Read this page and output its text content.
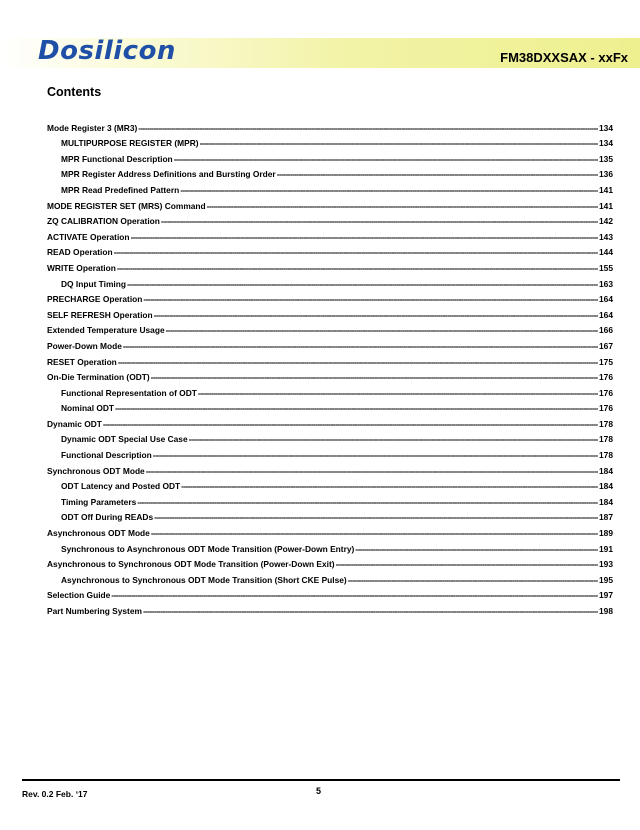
Dosilicon	FM38DXXSAX - xxFx
Contents
Mode Register 3 (MR3) -----	134
MULTIPURPOSE REGISTER (MPR) -----	134
MPR Functional Description -----	135
MPR Register Address Definitions and Bursting Order -----	136
MPR Read Predefined Pattern -----	141
MODE REGISTER SET (MRS) Command -----	141
ZQ CALIBRATION Operation -----	142
ACTIVATE Operation -----	143
READ Operation -----	144
WRITE Operation -----	155
DQ Input Timing -----	163
PRECHARGE Operation -----	164
SELF REFRESH Operation -----	164
Extended Temperature Usage -----	166
Power-Down Mode -----	167
RESET Operation -----	175
On-Die Termination (ODT) -----	176
Functional Representation of ODT -----	176
Nominal ODT -----	176
Dynamic ODT -----	178
Dynamic ODT Special Use Case -----	178
Functional Description -----	178
Synchronous ODT Mode -----	184
ODT Latency and Posted ODT -----	184
Timing Parameters -----	184
ODT Off During READs -----	187
Asynchronous ODT Mode -----	189
Synchronous to Asynchronous ODT Mode Transition (Power-Down Entry) -----	191
Asynchronous to Synchronous ODT Mode Transition (Power-Down Exit) -----	193
Asynchronous to Synchronous ODT Mode Transition (Short CKE Pulse) -----	195
Selection Guide -----	197
Part Numbering System -----	198
Rev. 0.2 Feb. ‘17	5
